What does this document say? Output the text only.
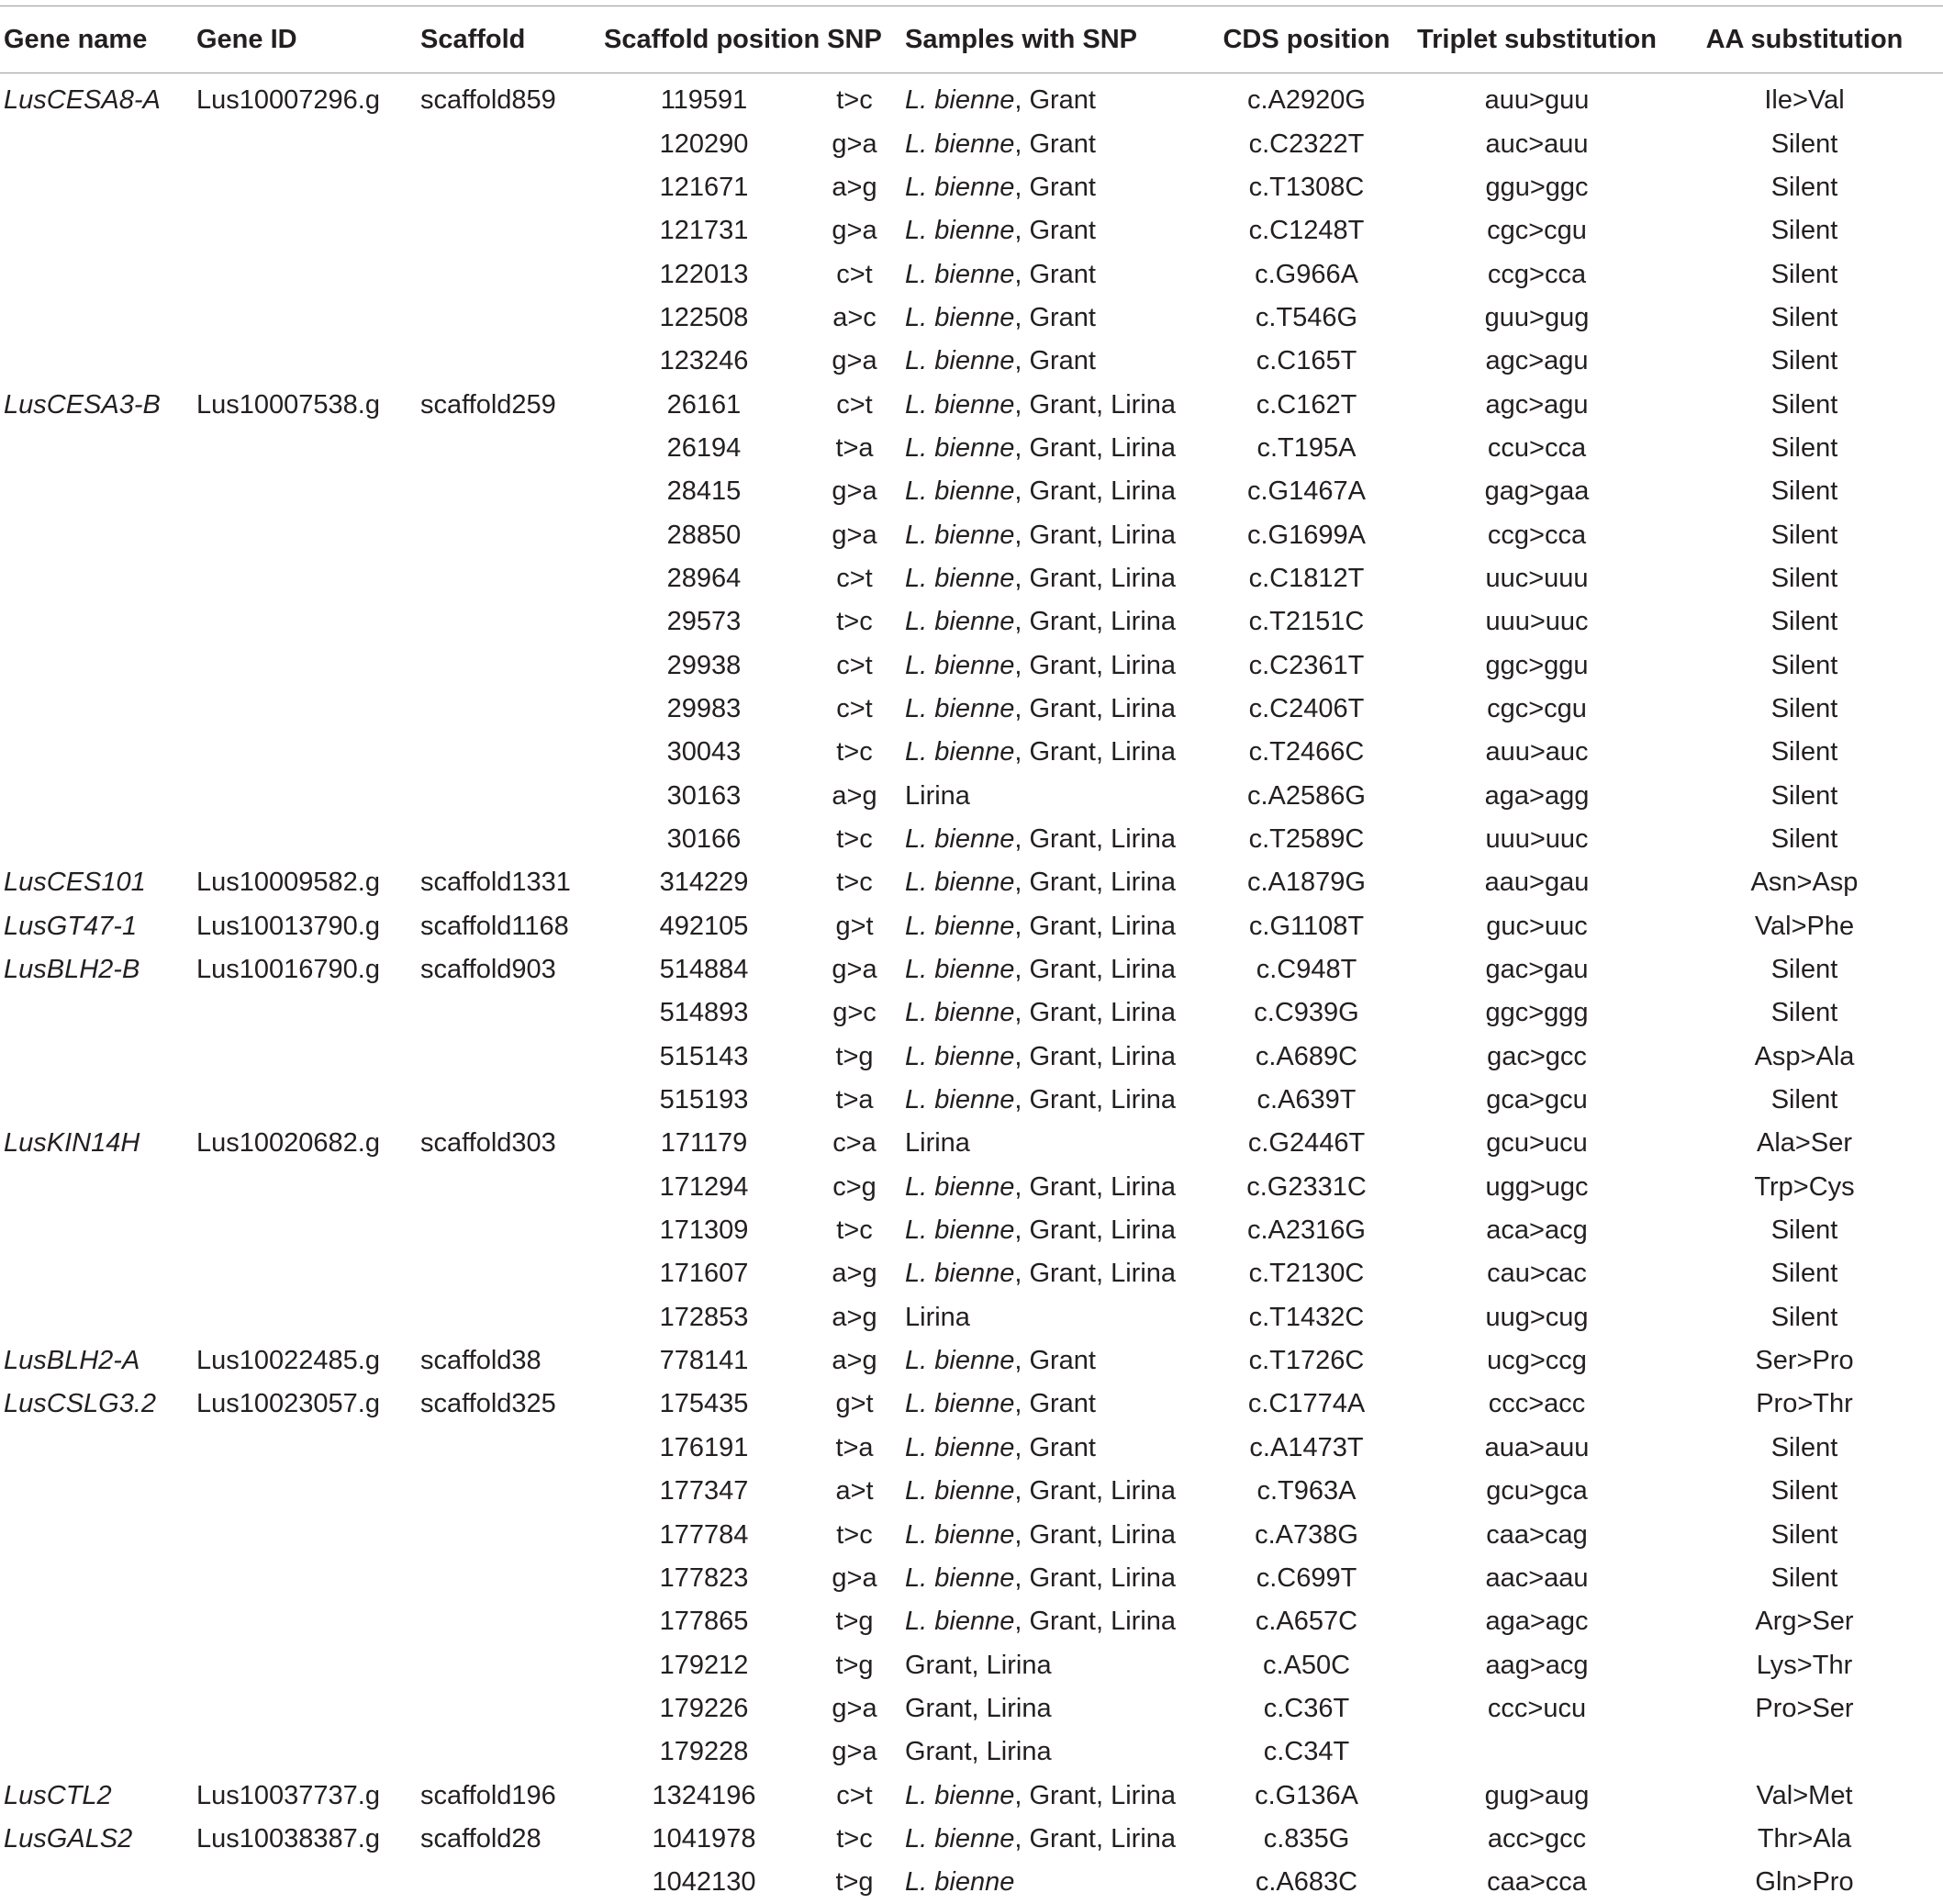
Gene name	Gene ID	Scaffold	Scaffold position	SNP	Samples with SNP	CDS position	Triplet substitution	AA substitution
LusCESA8-A	Lus10007296.g	scaffold859	119591	t>c	L. bienne, Grant	c.A2920G	auu>guu	Ile>Val
			120290	g>a	L. bienne, Grant	c.C2322T	auc>auu	Silent
			121671	a>g	L. bienne, Grant	c.T1308C	ggu>ggc	Silent
			121731	g>a	L. bienne, Grant	c.C1248T	cgc>cgu	Silent
			122013	c>t	L. bienne, Grant	c.G966A	ccg>cca	Silent
			122508	a>c	L. bienne, Grant	c.T546G	guu>gug	Silent
			123246	g>a	L. bienne, Grant	c.C165T	agc>agu	Silent
LusCESA3-B	Lus10007538.g	scaffold259	26161	c>t	L. bienne, Grant, Lirina	c.C162T	agc>agu	Silent
			26194	t>a	L. bienne, Grant, Lirina	c.T195A	ccu>cca	Silent
			28415	g>a	L. bienne, Grant, Lirina	c.G1467A	gag>gaa	Silent
			28850	g>a	L. bienne, Grant, Lirina	c.G1699A	ccg>cca	Silent
			28964	c>t	L. bienne, Grant, Lirina	c.C1812T	uuc>uuu	Silent
			29573	t>c	L. bienne, Grant, Lirina	c.T2151C	uuu>uuc	Silent
			29938	c>t	L. bienne, Grant, Lirina	c.C2361T	ggc>ggu	Silent
			29983	c>t	L. bienne, Grant, Lirina	c.C2406T	cgc>cgu	Silent
			30043	t>c	L. bienne, Grant, Lirina	c.T2466C	auu>auc	Silent
			30163	a>g	Lirina	c.A2586G	aga>agg	Silent
			30166	t>c	L. bienne, Grant, Lirina	c.T2589C	uuu>uuc	Silent
LusCES101	Lus10009582.g	scaffold1331	314229	t>c	L. bienne, Grant, Lirina	c.A1879G	aau>gau	Asn>Asp
LusGT47-1	Lus10013790.g	scaffold1168	492105	g>t	L. bienne, Grant, Lirina	c.G1108T	guc>uuc	Val>Phe
LusBLH2-B	Lus10016790.g	scaffold903	514884	g>a	L. bienne, Grant, Lirina	c.C948T	gac>gau	Silent
			514893	g>c	L. bienne, Grant, Lirina	c.C939G	ggc>ggg	Silent
			515143	t>g	L. bienne, Grant, Lirina	c.A689C	gac>gcc	Asp>Ala
			515193	t>a	L. bienne, Grant, Lirina	c.A639T	gca>gcu	Silent
LusKIN14H	Lus10020682.g	scaffold303	171179	c>a	Lirina	c.G2446T	gcu>ucu	Ala>Ser
			171294	c>g	L. bienne, Grant, Lirina	c.G2331C	ugg>ugc	Trp>Cys
			171309	t>c	L. bienne, Grant, Lirina	c.A2316G	aca>acg	Silent
			171607	a>g	L. bienne, Grant, Lirina	c.T2130C	cau>cac	Silent
			172853	a>g	Lirina	c.T1432C	uug>cug	Silent
LusBLH2-A	Lus10022485.g	scaffold38	778141	a>g	L. bienne, Grant	c.T1726C	ucg>ccg	Ser>Pro
LusCSLG3.2	Lus10023057.g	scaffold325	175435	g>t	L. bienne, Grant	c.C1774A	ccc>acc	Pro>Thr
			176191	t>a	L. bienne, Grant	c.A1473T	aua>auu	Silent
			177347	a>t	L. bienne, Grant, Lirina	c.T963A	gcu>gca	Silent
			177784	t>c	L. bienne, Grant, Lirina	c.A738G	caa>cag	Silent
			177823	g>a	L. bienne, Grant, Lirina	c.C699T	aac>aau	Silent
			177865	t>g	L. bienne, Grant, Lirina	c.A657C	aga>agc	Arg>Ser
			179212	t>g	Grant, Lirina	c.A50C	aag>acg	Lys>Thr
			179226	g>a	Grant, Lirina	c.C36T	ccc>ucu	Pro>Ser
			179228	g>a	Grant, Lirina	c.C34T		
LusCTL2	Lus10037737.g	scaffold196	1324196	c>t	L. bienne, Grant, Lirina	c.G136A	gug>aug	Val>Met
LusGALS2	Lus10038387.g	scaffold28	1041978	t>c	L. bienne, Grant, Lirina	c.835G	acc>gcc	Thr>Ala
			1042130	t>g	L. bienne	c.A683C	caa>cca	Gln>Pro
